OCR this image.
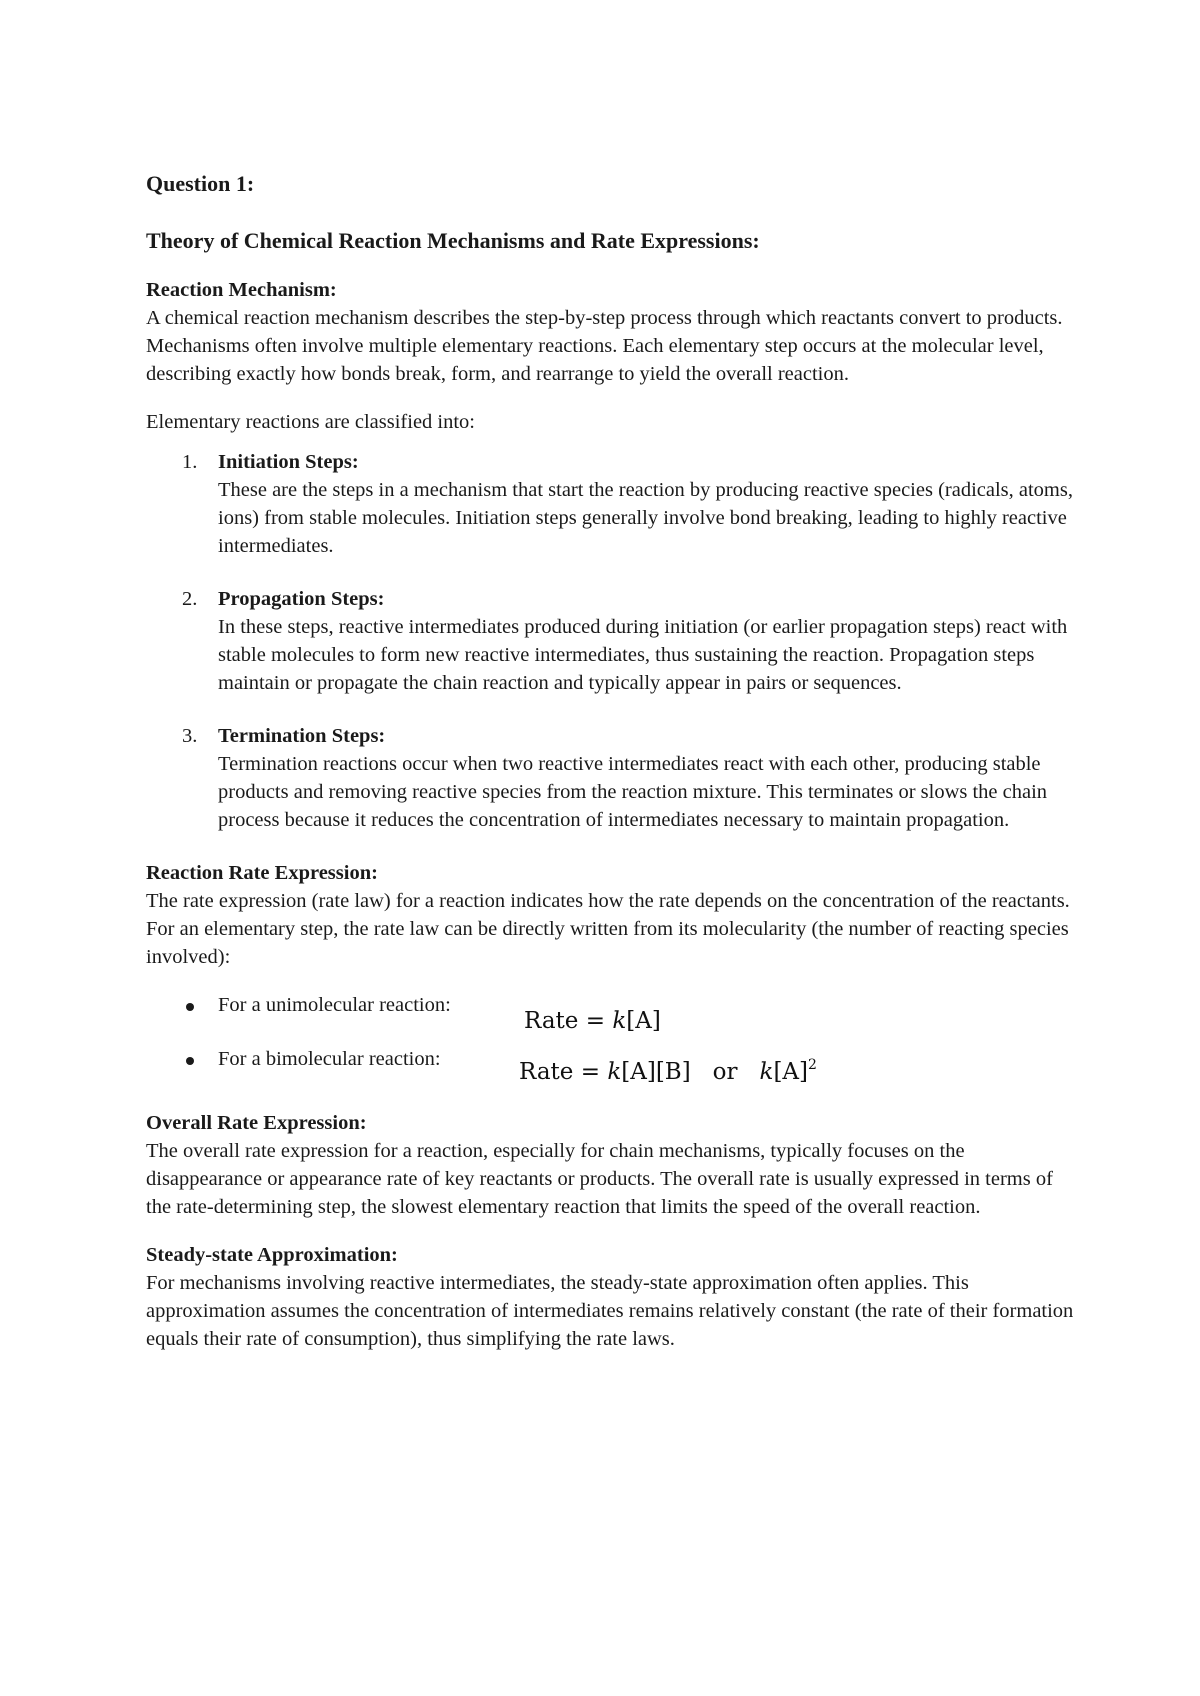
Question 1:

Theory of Chemical Reaction Mechanisms and Rate Expressions:

Reaction Mechanism:

A chemical reaction mechanism describes the step-by-step process through which reactants convert to products. Mechanisms often involve multiple elementary reactions. Each elementary step occurs at the molecular level, describing exactly how bonds break, form, and rearrange to yield the overall reaction.

Elementary reactions are classified into:

1. Initiation Steps:
These are the steps in a mechanism that start the reaction by producing reactive species (radicals, atoms, ions) from stable molecules. Initiation steps generally involve bond breaking, leading to highly reactive intermediates.
2. Propagation Steps:
In these steps, reactive intermediates produced during initiation (or earlier propagation steps) react with stable molecules to form new reactive intermediates, thus sustaining the reaction. Propagation steps maintain or propagate the chain reaction and typically appear in pairs or sequences.
3. Termination Steps:
Termination reactions occur when two reactive intermediates react with each other, producing stable products and removing reactive species from the reaction mixture. This terminates or slows the chain process because it reduces the concentration of intermediates necessary to maintain propagation.

Reaction Rate Expression:

The rate expression (rate law) for a reaction indicates how the rate depends on the concentration of the reactants. For an elementary step, the rate law can be directly written from its molecularity (the number of reacting species involved):

For a unimolecular reaction:
Rate = k[A]
For a bimolecular reaction:	Rate = k[A][B] or $k[A]^2$

Overall Rate Expression:

The overall rate expression for a reaction, especially for chain mechanisms, typically focuses on the disappearance or appearance rate of key reactants or products. The overall rate is usually expressed in terms of the rate-determining step, the slowest elementary reaction that limits the speed of the overall reaction.

Steady-state Approximation:

For mechanisms involving reactive intermediates, the steady-state approximation often applies. This approximation assumes the concentration of intermediates remains relatively constant (the rate of their formation equals their rate of consumption), thus simplifying the rate laws.
